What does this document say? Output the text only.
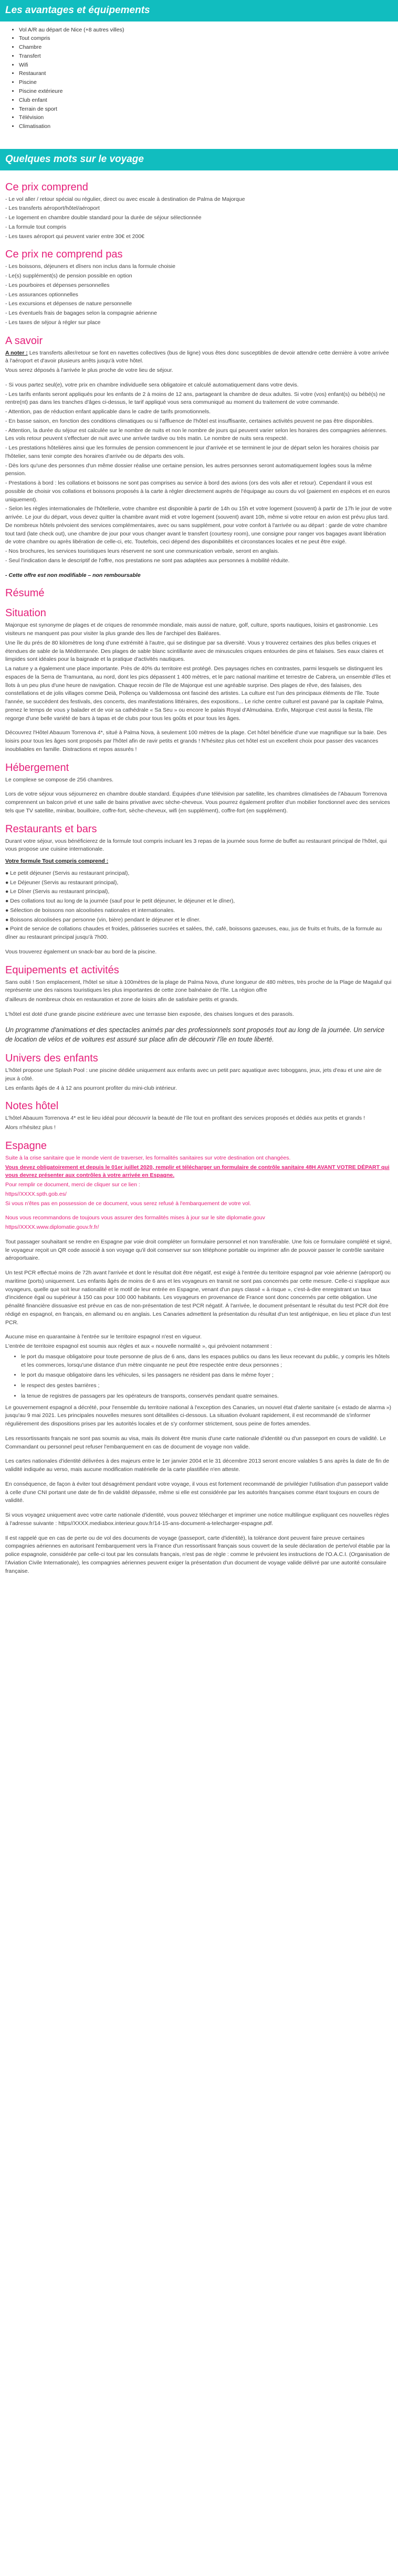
Les avantages et équipements
• Vol A/R au départ de Nice (+8 autres villes)
• Tout compris
• Chambre
• Transfert
• Wifi
• Restaurant
• Piscine
• Piscine extérieure
• Club enfant
• Terrain de sport
• Télévision
• Climatisation
Quelques mots sur le voyage
Ce prix comprend

- Le vol aller / retour spécial ou régulier, direct ou avec escale à destination de Palma de Majorque

- Les transferts aéroport/hôtel/aéroport

- Le logement en chambre double standard pour la durée de séjour sélectionnée

- La formule tout compris

- Les taxes aéroport qui peuvent varier entre 30€ et 200€

Ce prix ne comprend pas

- Les boissons, déjeuners et dîners non inclus dans la formule choisie

- Le(s) supplément(s) de pension possible en option

- Les pourboires et dépenses personnelles

- Les assurances optionnelles

- Les excursions et dépenses de nature personnelle

- Les éventuels frais de bagages selon la compagnie aérienne

- Les taxes de séjour à régler sur place

A savoir

A noter : Les transferts aller/retour se font en navettes collectives (bus de ligne) vous êtes donc susceptibles de devoir attendre cette dernière à votre arrivée à l'aéroport et d'avoir plusieurs arrêts jusqu'à votre hôtel.

Vous serez déposés à l'arrivée le plus proche de votre lieu de séjour.

- Si vous partez seul(e), votre prix en chambre individuelle sera obligatoire et calculé automatiquement dans votre devis.

- Les tarifs enfants seront appliqués pour les enfants de 2 à moins de 12 ans, partageant la chambre de deux adultes. Si votre (vos) enfant(s) ou bébé(s) ne rentre(nt) pas dans les tranches d'âges ci-dessus, le tarif appliqué vous sera communiqué au moment du traitement de votre commande.

- Attention, pas de réduction enfant applicable dans le cadre de tarifs promotionnels.

- En basse saison, en fonction des conditions climatiques ou si l'affluence de l'hôtel est insuffisante, certaines activités peuvent ne pas être disponibles.

- Attention, la durée du séjour est calculée sur le nombre de nuits et non le nombre de jours qui peuvent varier selon les horaires des compagnies aériennes. Les vols retour peuvent s'effectuer de nuit avec une arrivée tardive ou très matin. Le nombre de nuits sera respecté.

- Les prestations hôtelières ainsi que les formules de pension commencent le jour d'arrivée et se terminent le jour de départ selon les horaires choisis par l'hôtelier, sans tenir compte des horaires d'arrivée ou de départs des vols.

- Dès lors qu'une des personnes d'un même dossier réalise une certaine pension, les autres personnes seront automatiquement logées sous la même pension.

- Prestations à bord : les collations et boissons ne sont pas comprises au service à bord des avions (ors des vols aller et retour). Cependant il vous est possible de choisir vos collations et boissons proposés à la carte à régler directement auprès de l'équipage au cours du vol (paiement en espèces et en euros uniquement).

- Selon les règles internationales de l'hôtellerie, votre chambre est disponible à partir de 14h ou 15h et votre logement (souvent) à partir de 17h le jour de votre arrivée. Le jour du départ, vous devez quitter la chambre avant midi et votre logement (souvent) avant 10h, même si votre retour en avion est prévu plus tard. De nombreux hôtels prévoient des services complémentaires, avec ou sans supplément, pour votre confort à l'arrivée ou au départ : garde de votre chambre tout tard (late check out), une chambre de jour pour vous changer avant le transfert (courtesy room), une consigne pour ranger vos bagages avant libération de votre chambre ou après libération de celle-ci, etc. Toutefois, ceci dépend des disponibilités et circonstances locales et ne peut être exigé.

- Nos brochures, les services touristiques leurs réservent ne sont une communication verbale, seront en anglais.

- Seul l'indication dans le descriptif de l'offre, nos prestations ne sont pas adaptées aux personnes à mobilité réduite.

- Cette offre est non modifiable – non remboursable

Résumé
Situation

Majorque est synonyme de plages et de criques de renommée mondiale, mais aussi de nature, golf, culture, sports nautiques, loisirs et gastronomie. Les visiteurs ne manquent pas pour visiter la plus grande des îles de l'archipel des Baléares.

Une île du prés de 80 kilomètres de long d'une extrémité à l'autre, qui se distingue par sa diversité. Vous y trouverez certaines des plus belles criques et étendues de sable de la Méditerranée. Des plages de sable blanc scintillante avec de minuscules criques entourées de pins et falaises. Ses eaux claires et limpides sont idéales pour la baignade et la pratique d'activités nautiques.

La nature y a également une place importante. Près de 40% du territoire est protégé. Des paysages riches en contrastes, parmi lesquels se distinguent les espaces de la Serra de Tramuntana, au nord, dont les pics dépassent 1 400 mètres, et le parc national maritime et terrestre de Cabrera, un ensemble d'îles et îlots à un peu plus d'une heure de navigation. Chaque recoin de l'île de Majorque est une agréable surprise. Des plages de rêve, des falaises, des constellations et de jolis villages comme Deià, Pollença ou Valldemossa ont fasciné des artistes. La culture est l'un des principaux éléments de l'île. Toute l'année, se succèdent des festivals, des concerts, des manifestations littéraires, des expositions... Le riche centre culturel est pavané par la capitale Palma, prenez le temps de vous y balader et de voir sa cathédrale « Sa Seu » ou encore le palais Royal d'Almudaina. Enfin, Majorque c'est aussi la fiesta, l'île regorge d'une belle variété de bars à tapas et de clubs pour tous les goûts et pour tous les âges.

Découvrez l'Hôtel Abauum Torrenova 4*, situé à Palma Nova, à seulement 100 mètres de la plage. Cet hôtel bénéficie d'une vue magnifique sur la baie. Des loisirs pour tous les âges sont proposés par l'hôtel afin de ravir petits et grands ! N'hésitez plus cet hôtel est un excellent choix pour passer des vacances inoubliables en famille. Distractions et repos assurés !

Hébergement

Le complexe se compose de 256 chambres.

Lors de votre séjour vous séjournerez en chambre double standard. Équipées d'une télévision par satellite, les chambres climatisées de l'Abauum Torrenova comprennent un balcon privé et une salle de bains privative avec sèche-cheveux. Vous pourrez également profiter d'un mobilier fonctionnel avec des services tels que TV satellite, minibar, bouilloire, coffre-fort, sèche-cheveux, wifi (en supplément), coffre-fort (en supplément).

Restaurants et bars

Durant votre séjour, vous bénéficierez de la formule tout compris incluant les 3 repas de la journée sous forme de buffet au restaurant principal de l'hôtel, qui vous propose une cuisine internationale.

Votre formule Tout compris comprend :

● Le petit déjeuner (Servis au restaurant principal),

● Le Déjeuner (Servis au restaurant principal),

● Le Dîner (Servis au restaurant principal),

● Des collations tout au long de la journée (sauf pour le petit déjeuner, le déjeuner et le dîner),

● Sélection de boissons non alcoolisées nationales et internationales.

● Boissons alcoolisées par personne (vin, bière) pendant le déjeuner et le dîner.

● Point de service de collations chaudes et froides, pâtisseries sucrées et salées, thé, café, boissons gazeuses, eau, jus de fruits et fruits, de la formule au dîner au restaurant principal jusqu'à 7h00.

Vous trouverez également un snack-bar au bord de la piscine.

Equipements et activités

Sans oubli ! Son emplacement, l'hôtel se situe à 100mètres de la plage de Palma Nova, d'une longueur de 480 mètres, très proche de la Plage de Magaluf qui représente une des raisons touristiques les plus importantes de cette zone balnéaire de l'île. La région offre

d'ailleurs de nombreux choix en restauration et zone de loisirs afin de satisfaire petits et grands.

L'hôtel est doté d'une grande piscine extérieure avec une terrasse bien exposée, des chaises longues et des parasols.

Un programme d'animations et des spectacles animés par des professionnels sont proposés tout au long de la journée. Un service de location de vélos et de voitures est assuré sur place afin de découvrir l'île en toute liberté.

Univers des enfants

L'hôtel propose une Splash Pool : une piscine dédiée uniquement aux enfants avec un petit parc aquatique avec toboggans, jeux, jets d'eau et une aire de jeux à côté.

Les enfants âgés de 4 à 12 ans pourront profiter du mini-club intérieur.

Notes hôtel

L'hôtel Abauum Torrenova 4* est le lieu idéal pour découvrir la beauté de l'île tout en profitant des services proposés et dédiés aux petits et grands !

Alors n'hésitez plus !

Espagne

Suite à la crise sanitaire que le monde vient de traverser, les formalités sanitaires sur votre destination ont changées.

Vous devez obligatoirement et depuis le 01er juillet 2020, remplir et télécharger un formulaire de contrôle sanitaire 48H AVANT VOTRE DÉPART qui vous devrez présenter aux contrôles à votre arrivée en Espagne.

Pour remplir ce document, merci de cliquer sur ce lien :

https//XXXX.spth.gob.es/

Si vous n'êtes pas en possession de ce document, vous serez refusé à l'embarquement de votre vol.

Nous vous recommandons de toujours vous assurer des formalités mises à jour sur le site diplomatie.gouv

https//XXXX.www.diplomatie.gouv.fr.fr/

Tout passager souhaitant se rendre en Espagne par voie droit compléter un formulaire personnel et non transférable. Une fois ce formulaire complété et signé, le voyageur reçoit un QR code associé à son voyage qu'il doit conserver sur son téléphone portable ou imprimer afin de pouvoir passer le contrôle sanitaire aéroportuaire.

Un test PCR effectué moins de 72h avant l'arrivée et dont le résultat doit être négatif, est exigé à l'entrée du territoire espagnol par voie aérienne (aéroport) ou maritime (ports) uniquement. Les enfants âgés de moins de 6 ans et les voyageurs en transit ne sont pas concernés par cette mesure. Celle-ci s'applique aux voyageurs, quelle que soit leur nationalité et le motif de leur entrée en Espagne, venant d'un pays classé « à risque », c'est-à-dire enregistrant un taux d'incidence égal ou supérieur à 150 cas pour 100 000 habitants. Les voyageurs en provenance de France sont donc concernés par cette obligation. Une pénalité financière dissuasive est prévue en cas de non-présentation de test PCR négatif. À l'arrivée, le document présentant le résultat du test PCR doit être rédigé en espagnol, en français, en allemand ou en anglais. Les Canaries admettent la présentation du résultat d'un test antigénique, en lieu et place d'un test PCR.

Aucune mise en quarantaine à l'entrée sur le territoire espagnol n'est en vigueur.

L'entrée de territoire espagnol est soumis aux règles et aux « nouvelle normalité », qui prévoient notamment :

• le port du masque obligatoire pour toute personne de plus de 6 ans, dans les espaces publics ou dans les lieux recevant du public, y compris les hôtels et les commerces, lorsqu'une distance d'un mètre cinquante ne peut être respectée entre deux personnes ;
• le port du masque obligatoire dans les véhicules, si les passagers ne résident pas dans le même foyer ;
• le respect des gestes barrières ;
• la tenue de registres de passagers par les opérateurs de transports, conservés pendant quatre semaines.

Le gouvernement espagnol a décrété, pour l'ensemble du territoire national à l'exception des Canaries, un nouvel état d'alerte sanitaire (« estado de alarma ») jusqu'au 9 mai 2021. Les principales nouvelles mesures sont détaillées ci-dessous. La situation évoluant rapidement, il est recommandé de s'informer régulièrement des dispositions prises par les autorités locales et de s'y conformer strictement, sous peine de fortes amendes.

Les ressortissants français ne sont pas soumis au visa, mais ils doivent être munis d'une carte nationale d'identité ou d'un passeport en cours de validité. Le Commandant ou personnel peut refuser l'embarquement en cas de document de voyage non valide.

Les cartes nationales d'identité délivrées à des majeurs entre le 1er janvier 2004 et le 31 décembre 2013 seront encore valables 5 ans après la date de fin de validité indiquée au verso, mais aucune modification matérielle de la carte plastifiée n'en atteste.

En conséquence, de façon à éviter tout désagrément pendant votre voyage, il vous est fortement recommandé de privilégier l'utilisation d'un passeport valide à celle d'une CNI portant une date de fin de validité dépassée, même si elle est considérée par les autorités françaises comme étant toujours en cours de validité.

Si vous voyagez uniquement avec votre carte nationale d'identité, vous pouvez télécharger et imprimer une notice multilingue expliquant ces nouvelles règles à l'adresse suivante : https//XXXX.mediabox.interieur.gouv.fr/14-15-ans-document-a-telecharger-espagne.pdf.

Il est rappelé que en cas de perte ou de vol des documents de voyage (passeport, carte d'identité), la tolérance dont peuvent faire preuve certaines compagnies aériennes en autorisant l'embarquement vers la France d'un ressortissant français sous couvert de la seule déclaration de perte/vol établie par la police espagnole, considérée par celle-ci tout par les consulats français, n'est pas de règle : comme le prévoient les instructions de l'O.A.C.I. (Organisation de l'Aviation Civile Internationale), les compagnies aériennes peuvent exiger la présentation d'un document de voyage valide délivré par une autorité consulaire française.
